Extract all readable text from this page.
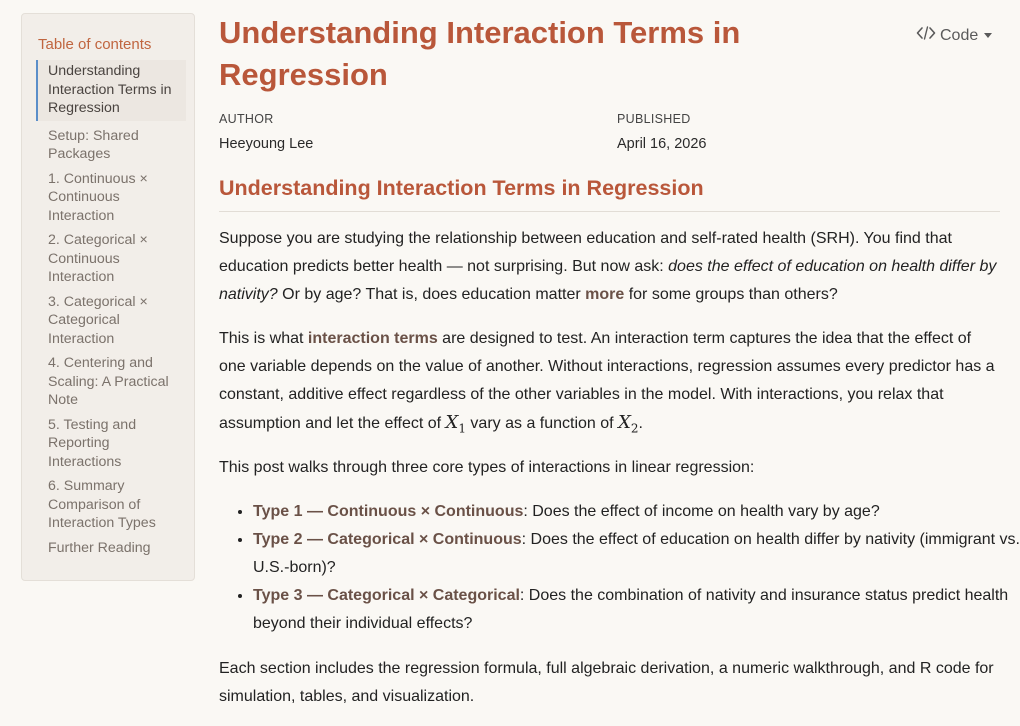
Table of contents
Understanding Interaction Terms in Regression
Setup: Shared Packages
1. Continuous × Continuous Interaction
2. Categorical × Continuous Interaction
3. Categorical × Categorical Interaction
4. Centering and Scaling: A Practical Note
5. Testing and Reporting Interactions
6. Summary Comparison of Interaction Types
Further Reading
Understanding Interaction Terms in Regression
Code
AUTHOR
Heeyoung Lee
PUBLISHED
April 16, 2026
Understanding Interaction Terms in Regression

Suppose you are studying the relationship between education and self-rated health (SRH). You find that education predicts better health — not surprising. But now ask: does the effect of education on health differ by nativity? Or by age? That is, does education matter more for some groups than others?

This is what interaction terms are designed to test. An interaction term captures the idea that the effect of one variable depends on the value of another. Without interactions, regression assumes every predictor has a constant, additive effect regardless of the other variables in the model. With interactions, you relax that assumption and let the effect of $X_1$ vary as a function of $X_2$.

This post walks through three core types of interactions in linear regression:

• Type 1 — Continuous × Continuous: Does the effect of income on health vary by age?
• Type 2 — Categorical × Continuous: Does the effect of education on health differ by nativity (immigrant vs. U.S.-born)?
• Type 3 — Categorical × Categorical: Does the combination of nativity and insurance status predict health beyond their individual effects?

Each section includes the regression formula, full algebraic derivation, a numeric walkthrough, and R code for simulation, tables, and visualization.
